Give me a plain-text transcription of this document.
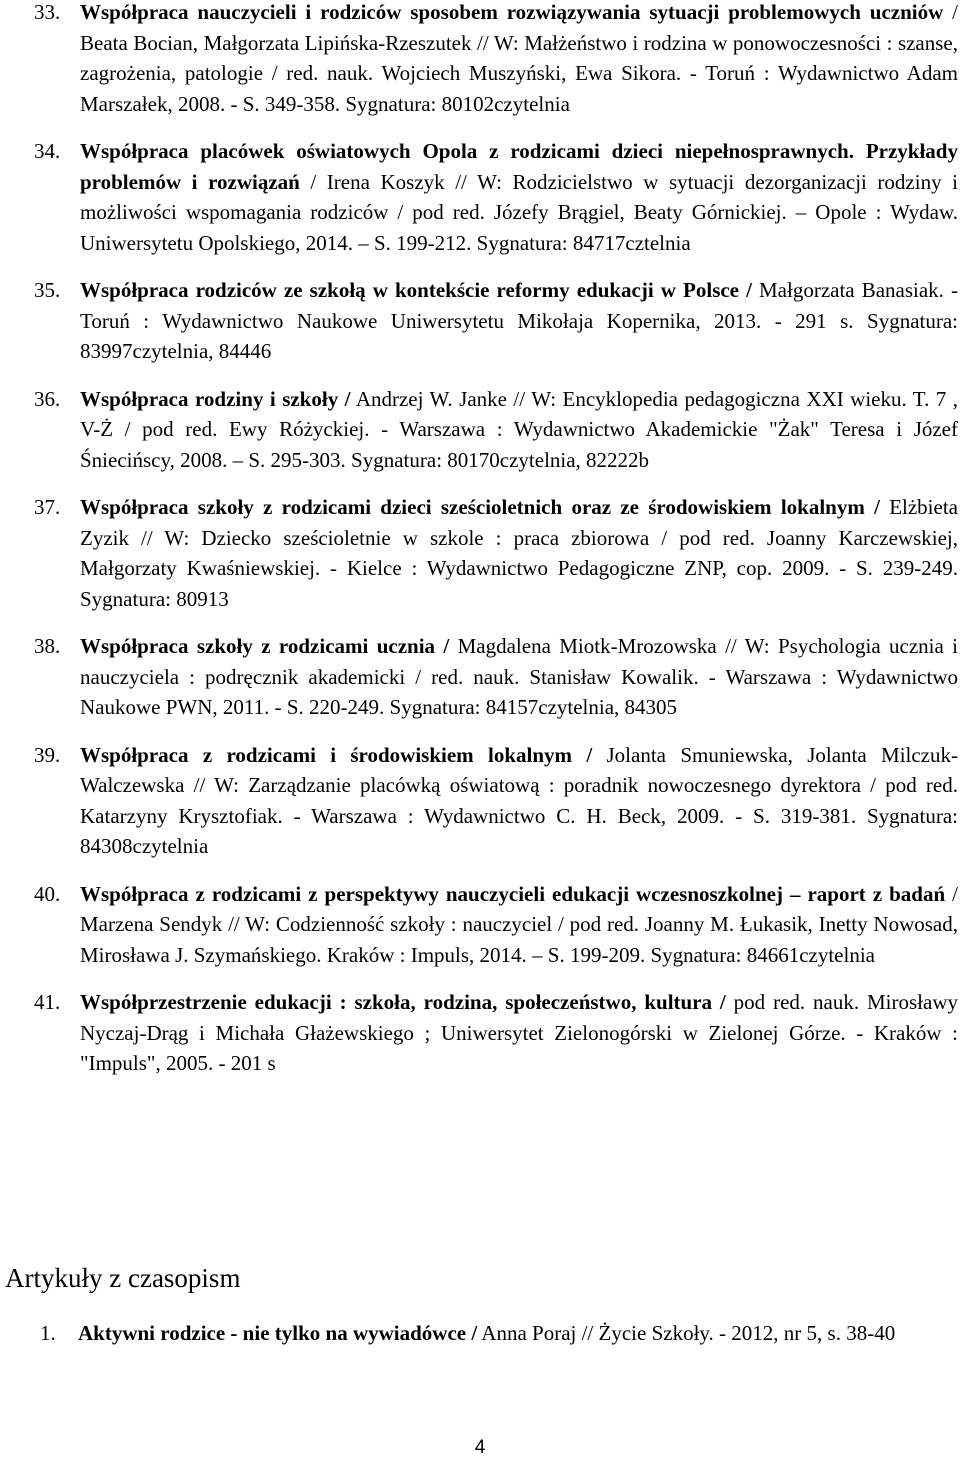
33. Współpraca nauczycieli i rodziców sposobem rozwiązywania sytuacji problemowych uczniów / Beata Bocian, Małgorzata Lipińska-Rzeszutek // W: Małżeństwo i rodzina w ponowoczesności : szanse, zagrożenia, patologie / red. nauk. Wojciech Muszyński, Ewa Sikora. - Toruń : Wydawnictwo Adam Marszałek, 2008. - S. 349-358. Sygnatura: 80102czytelnia
34. Współpraca placówek oświatowych Opola z rodzicami dzieci niepełnosprawnych. Przykłady problemów i rozwiązań / Irena Koszyk // W: Rodzicielstwo w sytuacji dezorganizacji rodziny i możliwości wspomagania rodziców / pod red. Józefy Brągiel, Beaty Górnickiej. – Opole : Wydaw. Uniwersytetu Opolskiego, 2014. – S. 199-212. Sygnatura: 84717cztelnia
35. Współpraca rodziców ze szkołą w kontekście reformy edukacji w Polsce / Małgorzata Banasiak. - Toruń : Wydawnictwo Naukowe Uniwersytetu Mikołaja Kopernika, 2013. - 291 s. Sygnatura: 83997czytelnia, 84446
36. Współpraca rodziny i szkoły / Andrzej W. Janke // W: Encyklopedia pedagogiczna XXI wieku. T. 7 , V-Ż / pod red. Ewy Różyckiej. - Warszawa : Wydawnictwo Akademickie "Żak" Teresa i Józef Śniecińscy, 2008. – S. 295-303. Sygnatura: 80170czytelnia, 82222b
37. Współpraca szkoły z rodzicami dzieci sześcioletnich oraz ze środowiskiem lokalnym / Elżbieta Zyzik // W: Dziecko sześcioletnie w szkole : praca zbiorowa / pod red. Joanny Karczewskiej, Małgorzaty Kwaśniewskiej. - Kielce : Wydawnictwo Pedagogiczne ZNP, cop. 2009. - S. 239-249. Sygnatura: 80913
38. Współpraca szkoły z rodzicami ucznia / Magdalena Miotk-Mrozowska // W: Psychologia ucznia i nauczyciela : podręcznik akademicki / red. nauk. Stanisław Kowalik. - Warszawa : Wydawnictwo Naukowe PWN, 2011. - S. 220-249. Sygnatura: 84157czytelnia, 84305
39. Współpraca z rodzicami i środowiskiem lokalnym / Jolanta Smuniewska, Jolanta Milczuk-Walczewska // W: Zarządzanie placówką oświatową : poradnik nowoczesnego dyrektora / pod red. Katarzyny Krysztofiak. - Warszawa : Wydawnictwo C. H. Beck, 2009. - S. 319-381. Sygnatura: 84308czytelnia
40. Współpraca z rodzicami z perspektywy nauczycieli edukacji wczesnoszkolnej – raport z badań / Marzena Sendyk // W: Codzienność szkoły : nauczyciel / pod red. Joanny M. Łukasik, Inetty Nowosad, Mirosława J. Szymańskiego. Kraków : Impuls, 2014. – S. 199-209. Sygnatura: 84661czytelnia
41. Współprzestrzenie edukacji : szkoła, rodzina, społeczeństwo, kultura / pod red. nauk. Mirosławy Nyczaj-Drąg i Michała Głażewskiego ; Uniwersytet Zielonogórski w Zielonej Górze. - Kraków : "Impuls", 2005. - 201 s
Artykuły z czasopism
1. Aktywni rodzice - nie tylko na wywiadówce / Anna Poraj // Życie Szkoły. - 2012, nr 5, s. 38-40
4
